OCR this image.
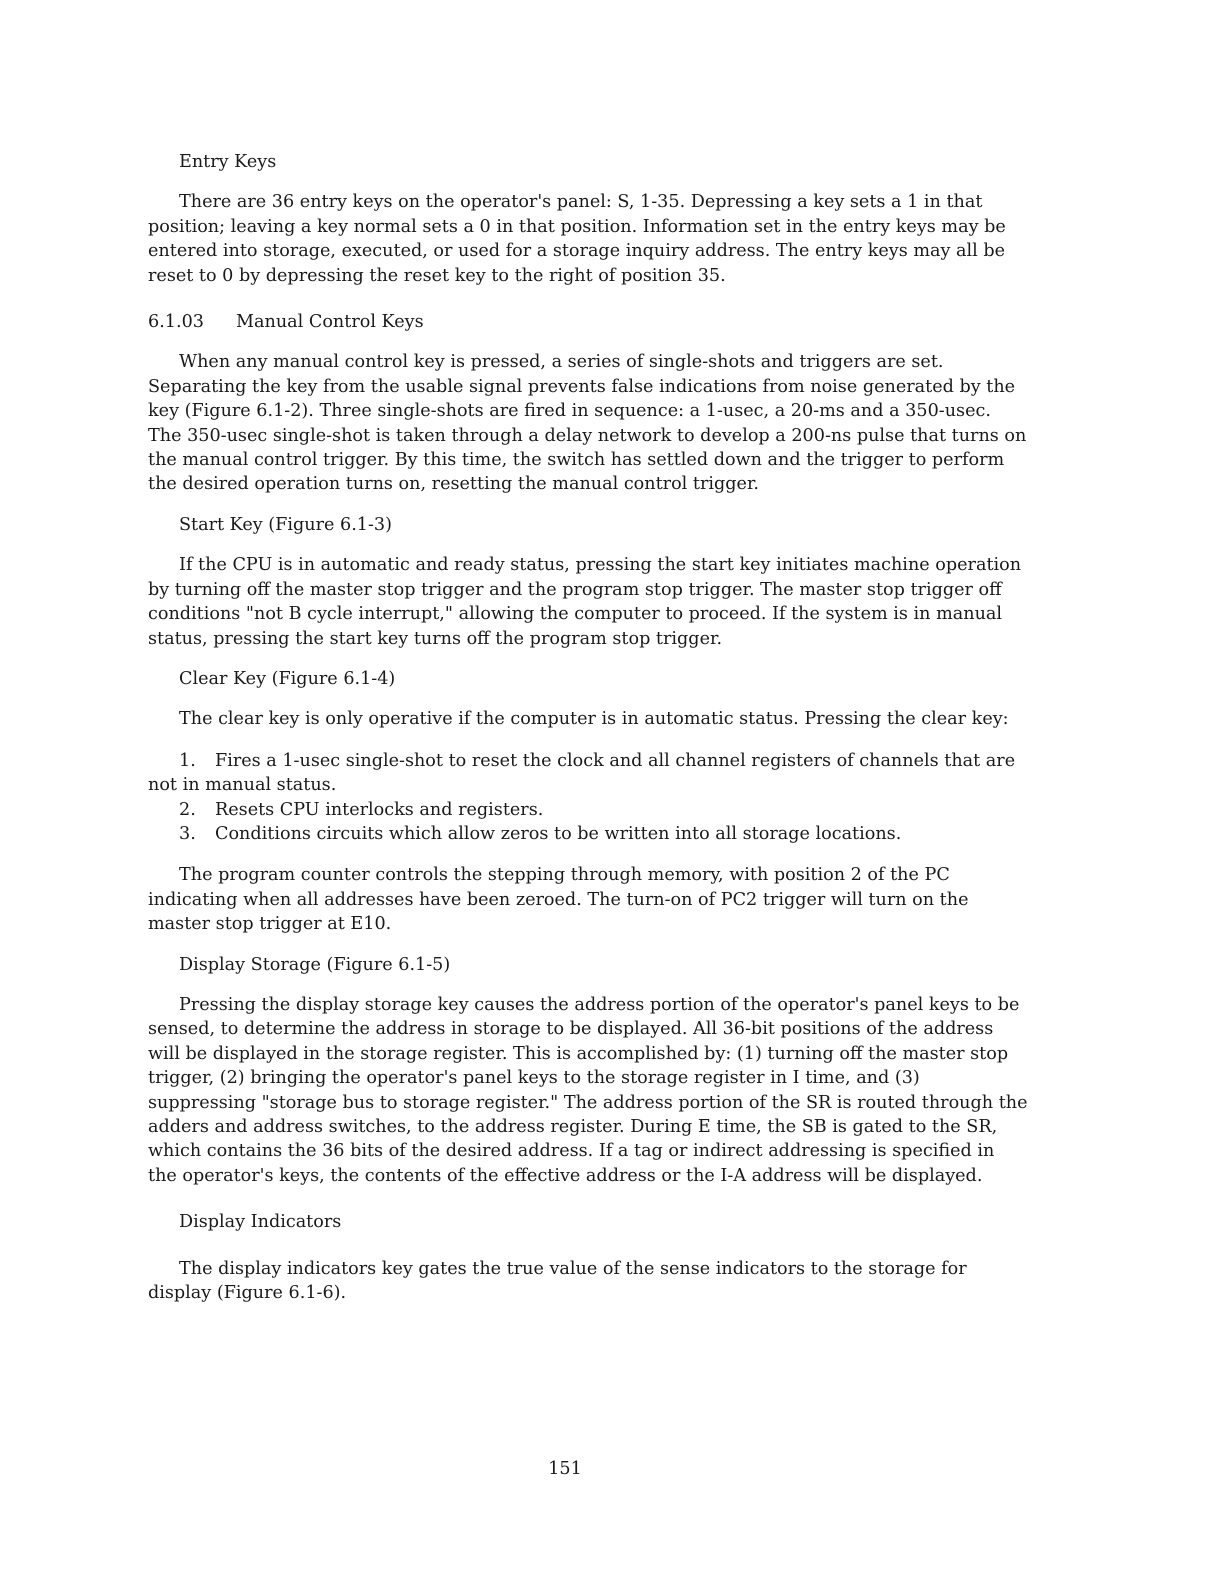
Entry Keys

There are 36 entry keys on the operator's panel: S, 1-35. Depressing a key sets a 1 in that position; leaving a key normal sets a 0 in that position. Information set in the entry keys may be entered into storage, executed, or used for a storage inquiry address. The entry keys may all be reset to 0 by depressing the reset key to the right of position 35.

6.1.03 Manual Control Keys

When any manual control key is pressed, a series of single-shots and triggers are set. Separating the key from the usable signal prevents false indications from noise generated by the key (Figure 6.1-2). Three single-shots are fired in sequence: a 1-usec, a 20-ms and a 350-usec. The 350-usec single-shot is taken through a delay network to develop a 200-ns pulse that turns on the manual control trigger. By this time, the switch has settled down and the trigger to perform the desired operation turns on, resetting the manual control trigger.

Start Key (Figure 6.1-3)

If the CPU is in automatic and ready status, pressing the start key initiates machine operation by turning off the master stop trigger and the program stop trigger. The master stop trigger off conditions "not B cycle interrupt," allowing the computer to proceed. If the system is in manual status, pressing the start key turns off the program stop trigger.

Clear Key (Figure 6.1-4)

The clear key is only operative if the computer is in automatic status. Pressing the clear key:

1. Fires a 1-usec single-shot to reset the clock and all channel registers of channels that are not in manual status.
2. Resets CPU interlocks and registers.
3. Conditions circuits which allow zeros to be written into all storage locations.

The program counter controls the stepping through memory, with position 2 of the PC indicating when all addresses have been zeroed. The turn-on of PC2 trigger will turn on the master stop trigger at E10.

Display Storage (Figure 6.1-5)

Pressing the display storage key causes the address portion of the operator's panel keys to be sensed, to determine the address in storage to be displayed. All 36-bit positions of the address will be displayed in the storage register. This is accomplished by: (1) turning off the master stop trigger, (2) bringing the operator's panel keys to the storage register in I time, and (3) suppressing "storage bus to storage register." The address portion of the SR is routed through the adders and address switches, to the address register. During E time, the SB is gated to the SR, which contains the 36 bits of the desired address. If a tag or indirect addressing is specified in the operator's keys, the contents of the effective address or the I-A address will be displayed.

Display Indicators

The display indicators key gates the true value of the sense indicators to the storage for display (Figure 6.1-6).

151
